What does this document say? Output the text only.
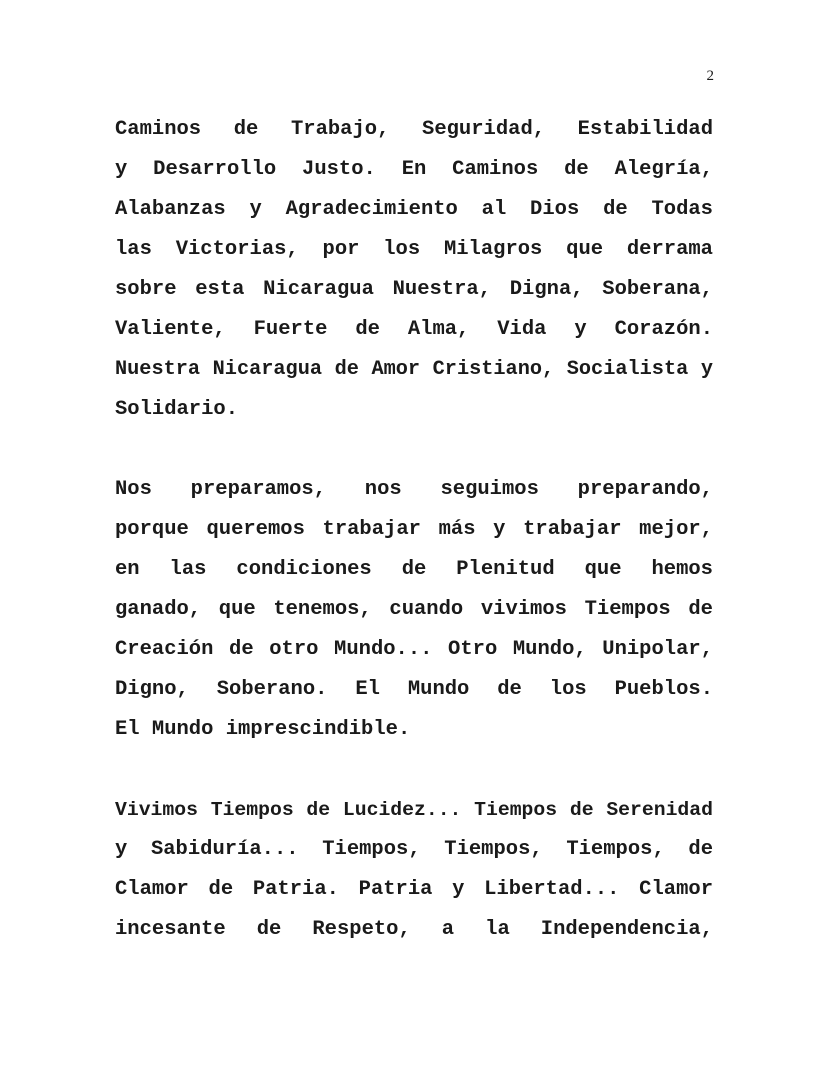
2
Caminos de Trabajo, Seguridad, Estabilidad
y Desarrollo Justo. En Caminos de Alegría,
Alabanzas y Agradecimiento al Dios de Todas
las Victorias, por los Milagros que derrama
sobre esta Nicaragua Nuestra, Digna, Soberana,
Valiente, Fuerte de Alma, Vida y Corazón.
Nuestra Nicaragua de Amor Cristiano, Socialista y
Solidario.
Nos preparamos, nos seguimos preparando,
porque queremos trabajar más y trabajar mejor,
en las condiciones de Plenitud que hemos
ganado, que tenemos, cuando vivimos Tiempos de
Creación de otro Mundo... Otro Mundo, Unipolar,
Digno, Soberano. El Mundo de los Pueblos.
El Mundo imprescindible.
Vivimos Tiempos de Lucidez... Tiempos de Serenidad
y Sabiduría... Tiempos, Tiempos, Tiempos, de
Clamor de Patria. Patria y Libertad... Clamor
incesante de Respeto, a la Independencia,
